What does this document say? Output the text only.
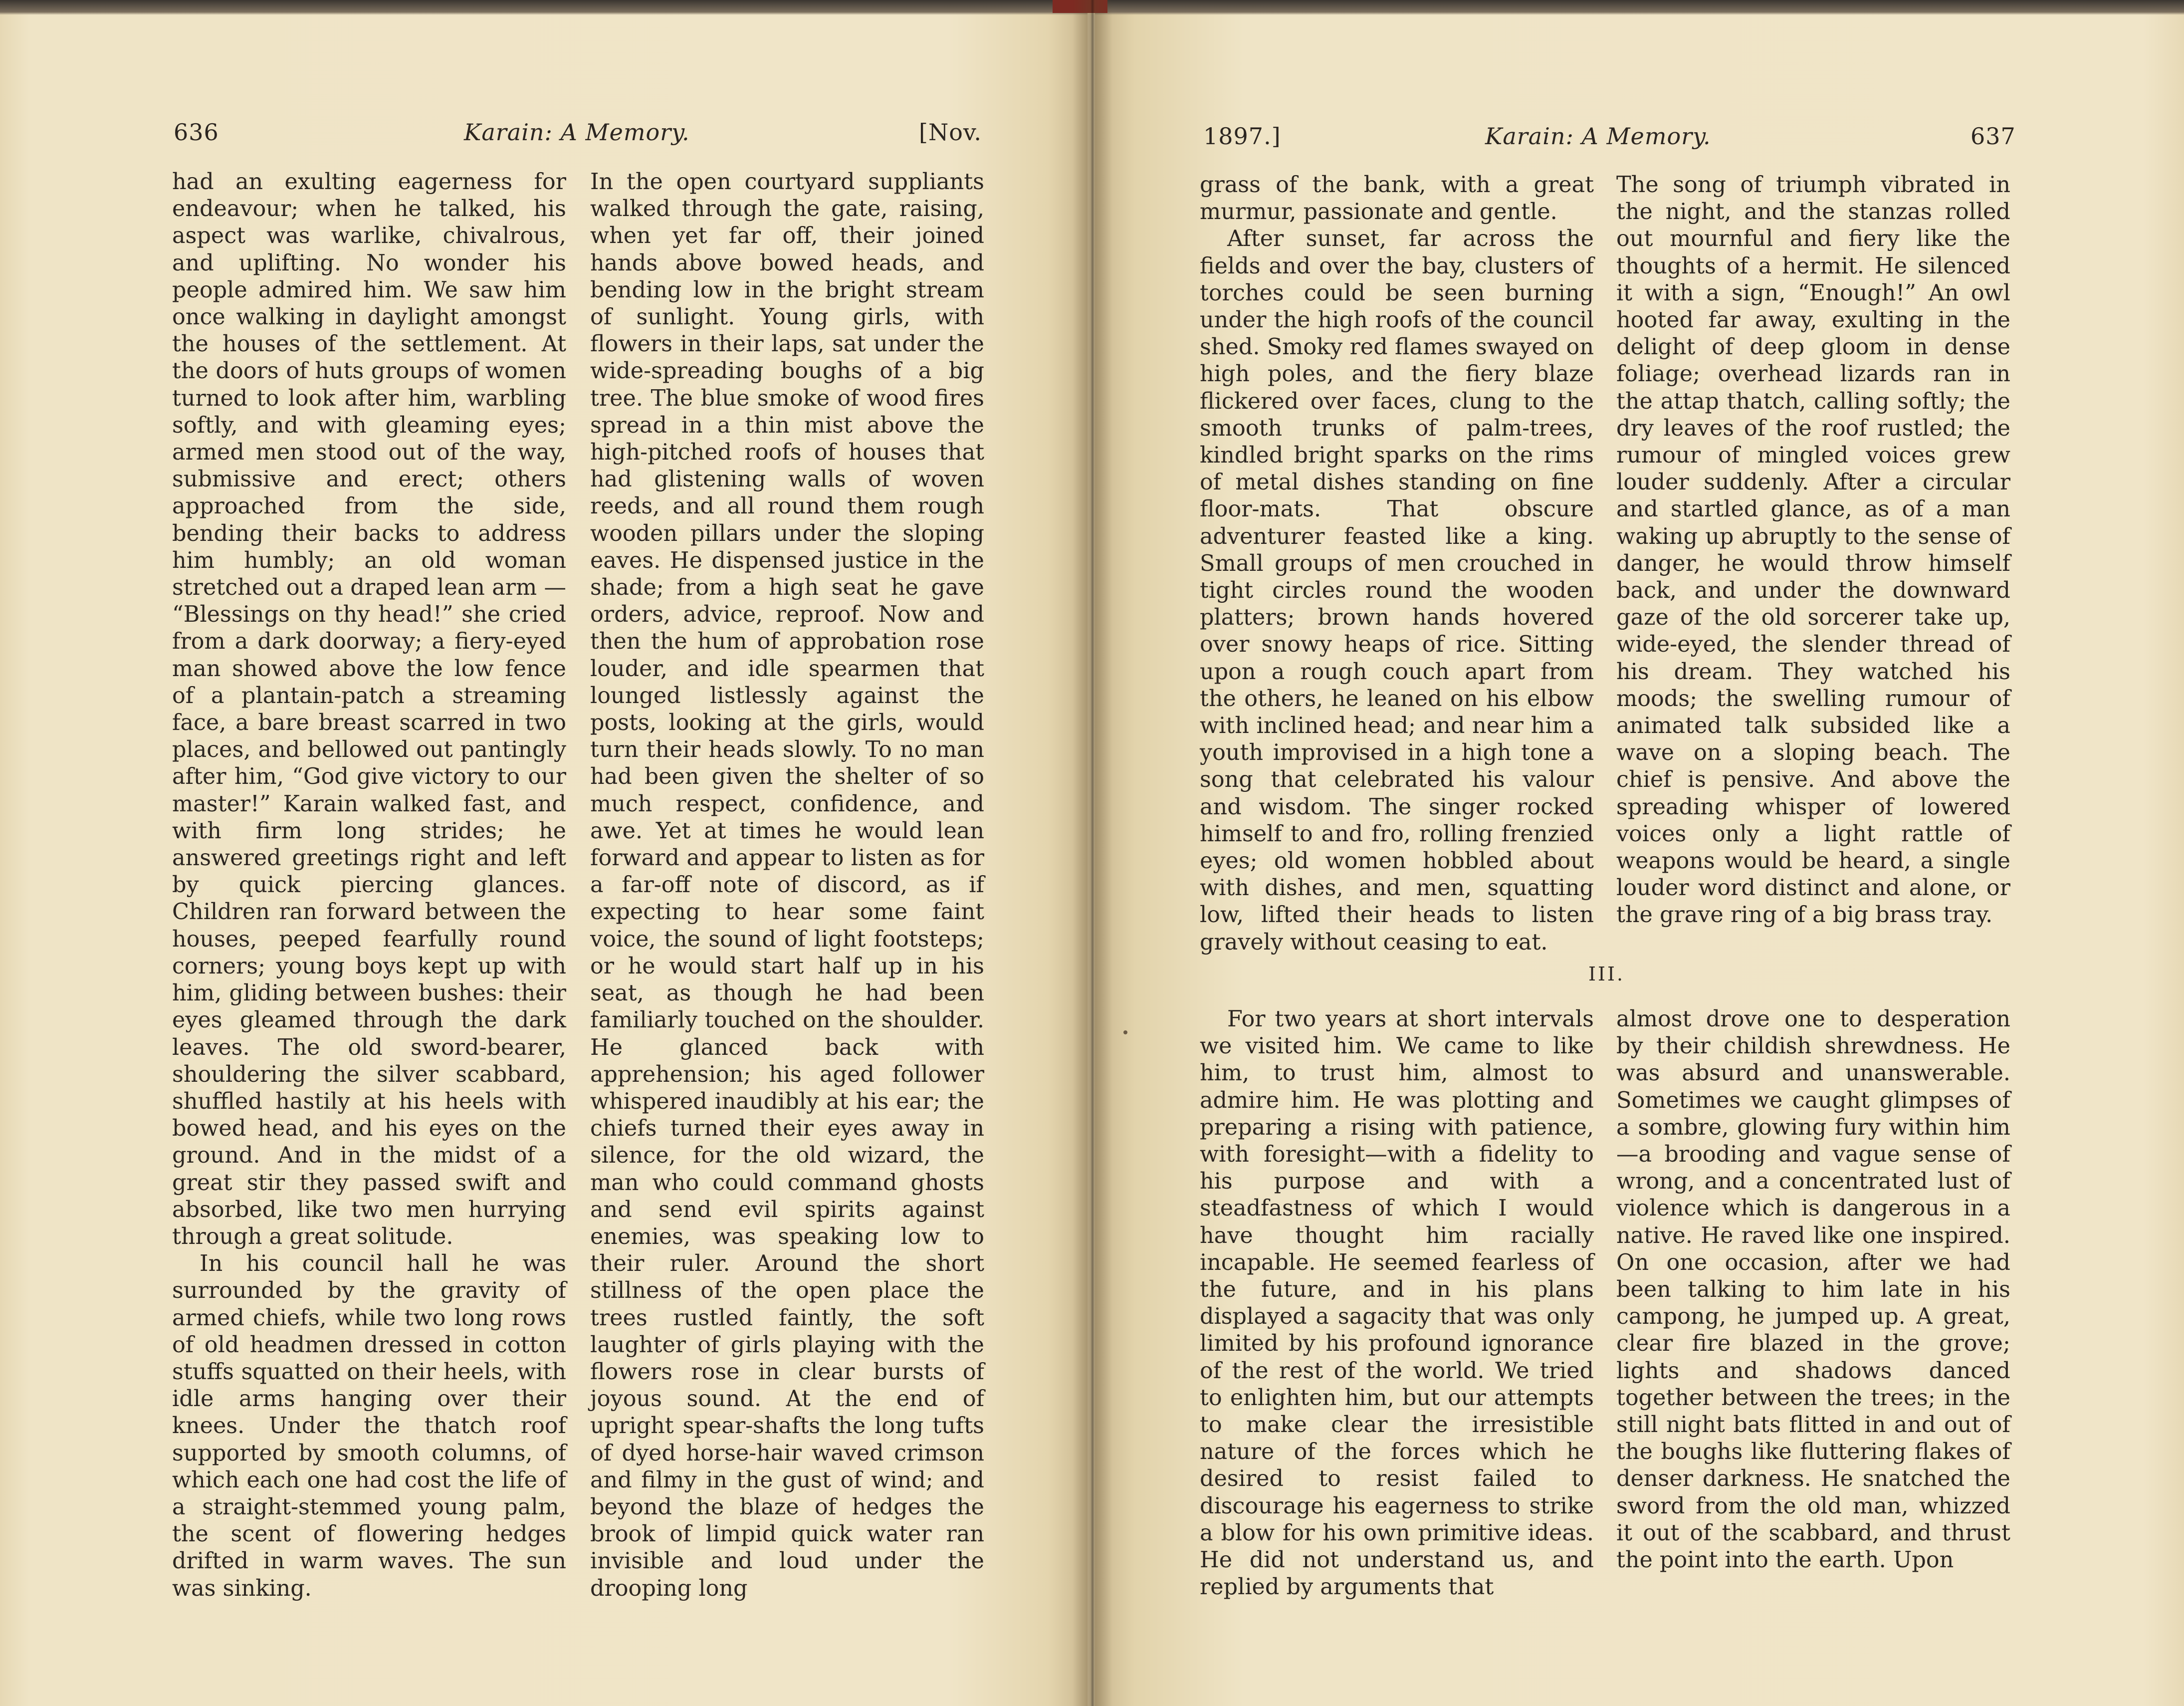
636	Karain: A Memory.	[Nov.

had an exulting eagerness for endeavour; when he talked, his aspect was warlike, chivalrous, and uplifting. No wonder his people admired him. We saw him once walking in daylight amongst the houses of the settlement. At the doors of huts groups of women turned to look after him, warbling softly, and with gleaming eyes; armed men stood out of the way, submissive and erect; others approached from the side, bending their backs to address him humbly; an old woman stretched out a draped lean arm — “Blessings on thy head!” she cried from a dark doorway; a fiery-eyed man showed above the low fence of a plantain-patch a streaming face, a bare breast scarred in two places, and bellowed out pantingly after him, “God give victory to our master!” Karain walked fast, and with firm long strides; he answered greetings right and left by quick piercing glances. Children ran forward between the houses, peeped fearfully round corners; young boys kept up with him, gliding between bushes: their eyes gleamed through the dark leaves. The old sword-bearer, shouldering the silver scabbard, shuffled hastily at his heels with bowed head, and his eyes on the ground. And in the midst of a great stir they passed swift and absorbed, like two men hurrying through a great solitude.

In his council hall he was surrounded by the gravity of armed chiefs, while two long rows of old headmen dressed in cotton stuffs squatted on their heels, with idle arms hanging over their knees. Under the thatch roof supported by smooth columns, of which each one had cost the life of a straight-stemmed young palm, the scent of flowering hedges drifted in warm waves. The sun was sinking.

In the open courtyard suppliants walked through the gate, raising, when yet far off, their joined hands above bowed heads, and bending low in the bright stream of sunlight. Young girls, with flowers in their laps, sat under the wide-spreading boughs of a big tree. The blue smoke of wood fires spread in a thin mist above the high-pitched roofs of houses that had glistening walls of woven reeds, and all round them rough wooden pillars under the sloping eaves. He dispensed justice in the shade; from a high seat he gave orders, advice, reproof. Now and then the hum of approbation rose louder, and idle spearmen that lounged listlessly against the posts, looking at the girls, would turn their heads slowly. To no man had been given the shelter of so much respect, confidence, and awe. Yet at times he would lean forward and appear to listen as for a far-off note of discord, as if expecting to hear some faint voice, the sound of light footsteps; or he would start half up in his seat, as though he had been familiarly touched on the shoulder. He glanced back with apprehension; his aged follower whispered inaudibly at his ear; the chiefs turned their eyes away in silence, for the old wizard, the man who could command ghosts and send evil spirits against enemies, was speaking low to their ruler. Around the short stillness of the open place the trees rustled faintly, the soft laughter of girls playing with the flowers rose in clear bursts of joyous sound. At the end of upright spear-shafts the long tufts of dyed horse-hair waved crimson and filmy in the gust of wind; and beyond the blaze of hedges the brook of limpid quick water ran invisible and loud under the drooping long

1897.]	Karain: A Memory.	637

grass of the bank, with a great murmur, passionate and gentle.

After sunset, far across the fields and over the bay, clusters of torches could be seen burning under the high roofs of the council shed. Smoky red flames swayed on high poles, and the fiery blaze flickered over faces, clung to the smooth trunks of palm-trees, kindled bright sparks on the rims of metal dishes standing on fine floor-mats. That obscure adventurer feasted like a king. Small groups of men crouched in tight circles round the wooden platters; brown hands hovered over snowy heaps of rice. Sitting upon a rough couch apart from the others, he leaned on his elbow with inclined head; and near him a youth improvised in a high tone a song that celebrated his valour and wisdom. The singer rocked himself to and fro, rolling frenzied eyes; old women hobbled about with dishes, and men, squatting low, lifted their heads to listen gravely without ceasing to eat.

The song of triumph vibrated in the night, and the stanzas rolled out mournful and fiery like the thoughts of a hermit. He silenced it with a sign, “Enough!” An owl hooted far away, exulting in the delight of deep gloom in dense foliage; overhead lizards ran in the attap thatch, calling softly; the dry leaves of the roof rustled; the rumour of mingled voices grew louder suddenly. After a circular and startled glance, as of a man waking up abruptly to the sense of danger, he would throw himself back, and under the downward gaze of the old sorcerer take up, wide-eyed, the slender thread of his dream. They watched his moods; the swelling rumour of animated talk subsided like a wave on a sloping beach. The chief is pensive. And above the spreading whisper of lowered voices only a light rattle of weapons would be heard, a single louder word distinct and alone, or the grave ring of a big brass tray.

III.

For two years at short intervals we visited him. We came to like him, to trust him, almost to admire him. He was plotting and preparing a rising with patience, with foresight—with a fidelity to his purpose and with a steadfastness of which I would have thought him racially incapable. He seemed fearless of the future, and in his plans displayed a sagacity that was only limited by his profound ignorance of the rest of the world. We tried to enlighten him, but our attempts to make clear the irresistible nature of the forces which he desired to resist failed to discourage his eagerness to strike a blow for his own primitive ideas. He did not understand us, and replied by arguments that

almost drove one to desperation by their childish shrewdness. He was absurd and unanswerable. Sometimes we caught glimpses of a sombre, glowing fury within him—a brooding and vague sense of wrong, and a concentrated lust of violence which is dangerous in a native. He raved like one inspired. On one occasion, after we had been talking to him late in his campong, he jumped up. A great, clear fire blazed in the grove; lights and shadows danced together between the trees; in the still night bats flitted in and out of the boughs like fluttering flakes of denser darkness. He snatched the sword from the old man, whizzed it out of the scabbard, and thrust the point into the earth. Upon
